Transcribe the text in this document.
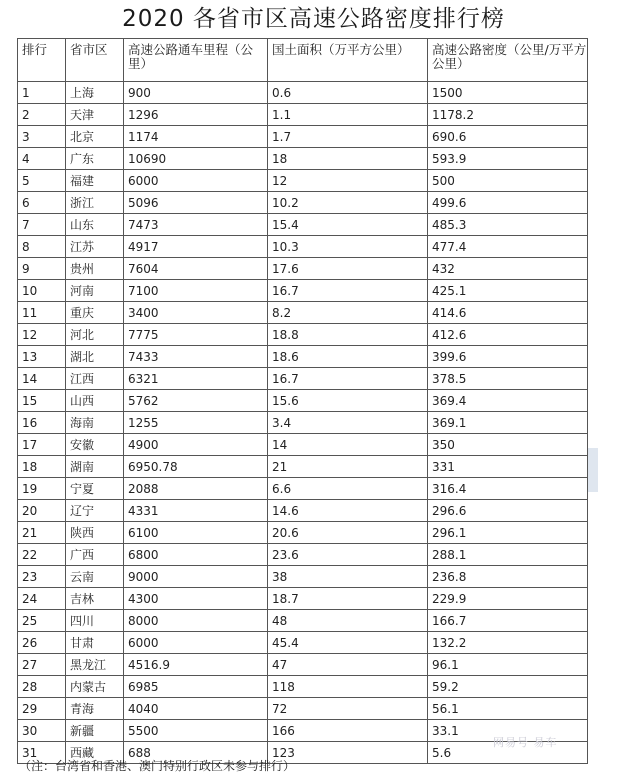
2020 各省市区高速公路密度排行榜
排行	省市区	高速公路通车里程（公里）	国土面积（万平方公里）	高速公路密度（公里/万平方公里）
1	上海	900	0.6	1500
2	天津	1296	1.1	1178.2
3	北京	1174	1.7	690.6
4	广东	10690	18	593.9
5	福建	6000	12	500
6	浙江	5096	10.2	499.6
7	山东	7473	15.4	485.3
8	江苏	4917	10.3	477.4
9	贵州	7604	17.6	432
10	河南	7100	16.7	425.1
11	重庆	3400	8.2	414.6
12	河北	7775	18.8	412.6
13	湖北	7433	18.6	399.6
14	江西	6321	16.7	378.5
15	山西	5762	15.6	369.4
16	海南	1255	3.4	369.1
17	安徽	4900	14	350
18	湖南	6950.78	21	331
19	宁夏	2088	6.6	316.4
20	辽宁	4331	14.6	296.6
21	陕西	6100	20.6	296.1
22	广西	6800	23.6	288.1
23	云南	9000	38	236.8
24	吉林	4300	18.7	229.9
25	四川	8000	48	166.7
26	甘肃	6000	45.4	132.2
27	黑龙江	4516.9	47	96.1
28	内蒙古	6985	118	59.2
29	青海	4040	72	56.1
30	新疆	5500	166	33.1
31	西藏	688	123	5.6
（注：台湾省和香港、澳门特别行政区未参与排行）
网易号 易车
